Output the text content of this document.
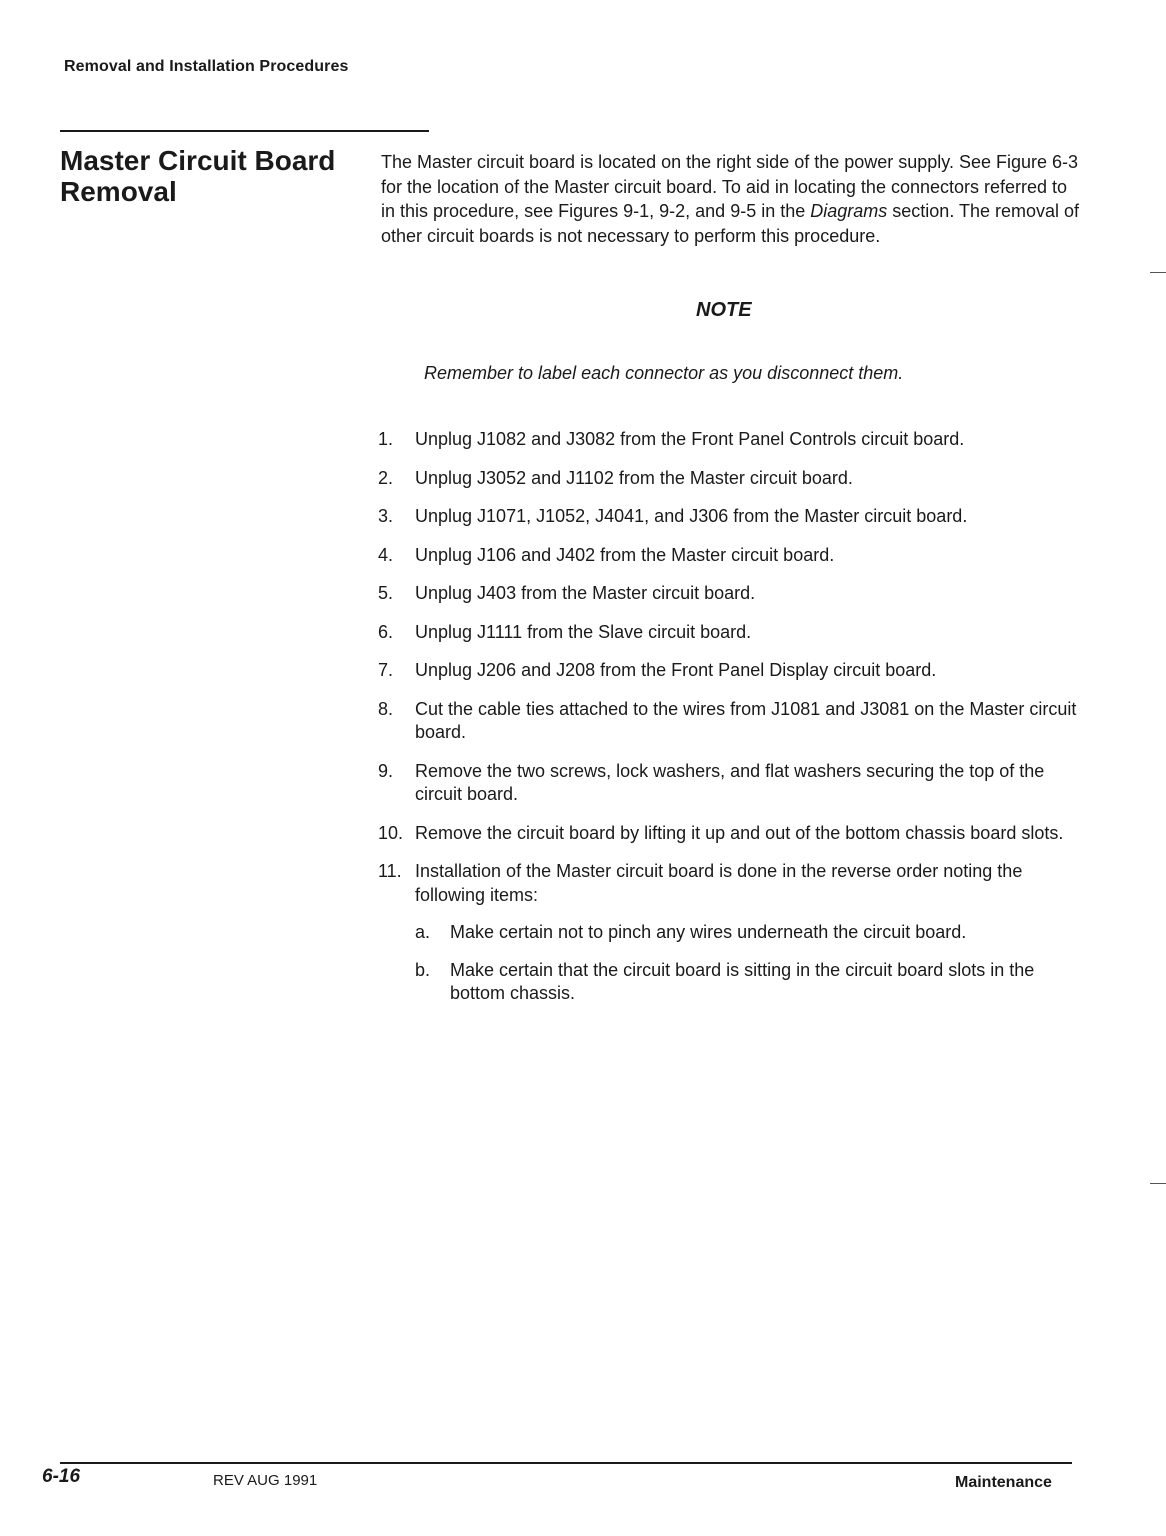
Removal and Installation Procedures
Master Circuit Board
Removal

The Master circuit board is located on the right side of the power supply. See Figure 6-3 for the location of the Master circuit board. To aid in locating the connectors referred to in this procedure, see Figures 9-1, 9-2, and 9-5 in the Diagrams section. The removal of other circuit boards is not necessary to perform this procedure.

NOTE
Remember to label each connector as you disconnect them.
1.	Unplug J1082 and J3082 from the Front Panel Controls circuit board.
2.	Unplug J3052 and J1102 from the Master circuit board.
3.	Unplug J1071, J1052, J4041, and J306 from the Master circuit board.
4.	Unplug J106 and J402 from the Master circuit board.
5.	Unplug J403 from the Master circuit board.
6.	Unplug J1111 from the Slave circuit board.
7.	Unplug J206 and J208 from the Front Panel Display circuit board.
8.	Cut the cable ties attached to the wires from J1081 and J3081 on the Master circuit board.
9.	Remove the two screws, lock washers, and flat washers securing the top of the circuit board.
10. Remove the circuit board by lifting it up and out of the bottom chassis board slots.
11. Installation of the Master circuit board is done in the reverse order noting the following items:
a.	Make certain not to pinch any wires underneath the circuit board.
b.	Make certain that the circuit board is sitting in the circuit board slots in the bottom chassis.
6-16	REV AUG 1991	Maintenance
